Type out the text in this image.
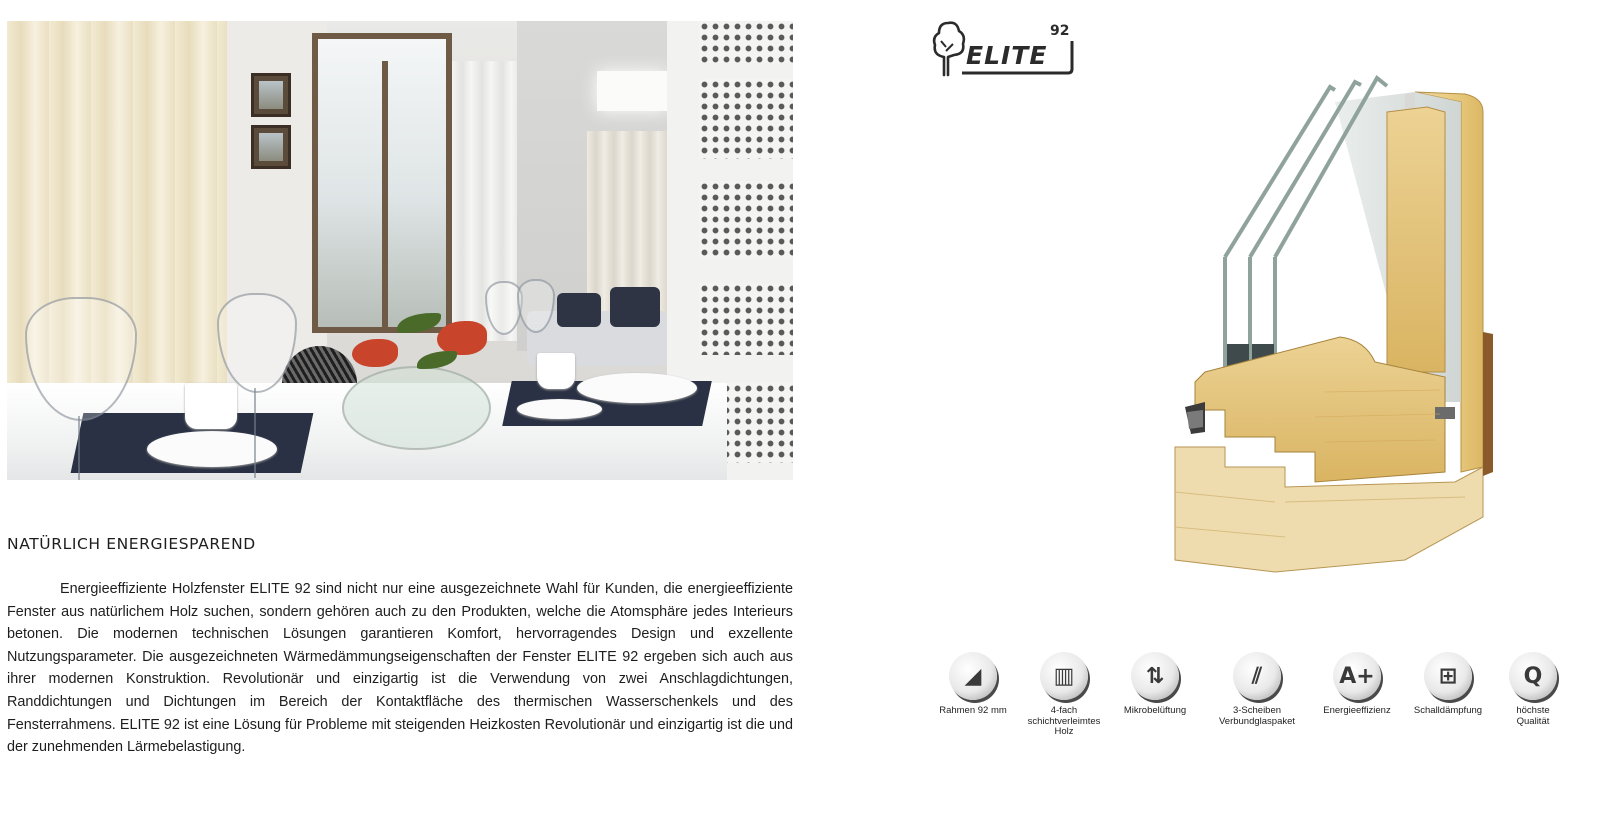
NATÜRLICH ENERGIESPAREND

Energieeffiziente Holzfenster ELITE 92 sind nicht nur eine ausgezeichnete Wahl für Kunden, die energieeffiziente Fenster aus natürlichem Holz suchen, sondern gehören auch zu den Produkten, welche die Atomsphäre jedes Interieurs betonen. Die modernen technischen Lösungen garantieren Komfort, hervorragendes Design und exzellente Nutzungsparameter. Die ausgezeichneten Wärmedämmungseigenschaften der Fenster ELITE 92 ergeben sich auch aus ihrer modernen Konstruktion. Revolutionär und einzigartig ist die Verwendung von zwei Anschlagdichtungen, Randdichtungen und Dichtungen im Bereich der Kontaktfläche des thermischen Wasserschenkels und des Fensterrahmens. ELITE 92 ist eine Lösung für Probleme mit steigenden Heizkosten Revolutionär und einzigartig ist die und der zunehmenden Lärmebelastigung.

ELITE
92
◢
Rahmen 92 mm
▥
4-fach
schichtverleimtes
Holz
⇅
Mikrobelüftung
⫽
3-Scheiben
Verbundglaspaket
A+
Energieeffizienz
⊞
Schalldämpfung
Q
höchste
Qualität
